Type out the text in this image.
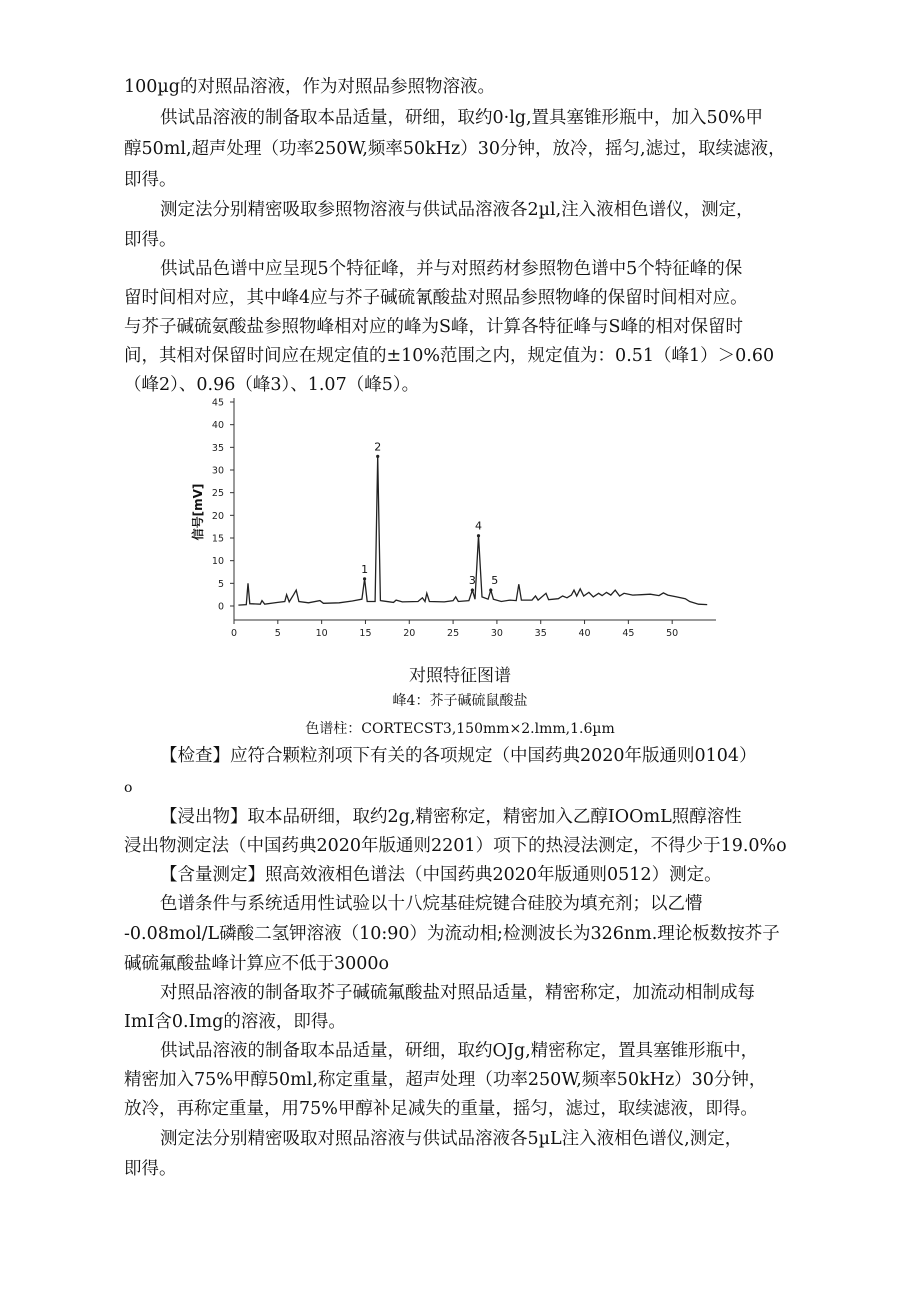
100µg的对照品溶液，作为对照品参照物溶液。
供试品溶液的制备取本品适量，研细，取约0·lg,置具塞锥形瓶中，加入50%甲
醇50ml,超声处理（功率250W,频率50kHz）30分钟，放冷，摇匀,滤过，取续滤液，
即得。
测定法分别精密吸取参照物溶液与供试品溶液各2µl,注入液相色谱仪，测定，
即得。
供试品色谱中应呈现5个特征峰，并与对照药材参照物色谱中5个特征峰的保
留时间相对应，其中峰4应与芥子碱硫氰酸盐对照品参照物峰的保留时间相对应。
与芥子碱硫氨酸盐参照物峰相对应的峰为S峰，计算各特征峰与S峰的相对保留时
间，其相对保留时间应在规定值的±10%范围之内，规定值为：0.51（峰1）＞0.60
（峰2）、0.96（峰3）、1.07（峰5）。
0
5
10
15
20
25
30
35
40
45
0	5	10	15	20	25	30	35	40	45	50
信号[mV]
1
2
3
4
5
对照特征图谱
峰4：芥子碱硫鼠酸盐
色谱柱：CORTECST3,150mm×2.lmm,1.6µm
【检查】应符合颗粒剂项下有关的各项规定（中国药典2020年版通则0104）
o
【浸出物】取本品研细，取约2g,精密称定，精密加入乙醇IOOmL照醇溶性
浸出物测定法（中国药典2020年版通则2201）项下的热浸法测定，不得少于19.0%o
【含量测定】照高效液相色谱法（中国药典2020年版通则0512）测定。
色谱条件与系统适用性试验以十八烷基硅烷键合硅胶为填充剂；以乙懵
-0.08mol/L磷酸二氢钾溶液（10:90）为流动相;检测波长为326nm.理论板数按芥子
碱硫氟酸盐峰计算应不低于3000o
对照品溶液的制备取芥子碱硫氟酸盐对照品适量，精密称定，加流动相制成每
ImI含0.Img的溶液，即得。
供试品溶液的制备取本品适量，研细，取约OJg,精密称定，置具塞锥形瓶中，
精密加入75%甲醇50ml,称定重量，超声处理（功率250W,频率50kHz）30分钟，
放冷，再称定重量，用75%甲醇补足减失的重量，摇匀，滤过，取续滤液，即得。
测定法分别精密吸取对照品溶液与供试品溶液各5µL注入液相色谱仪,测定，
即得。
